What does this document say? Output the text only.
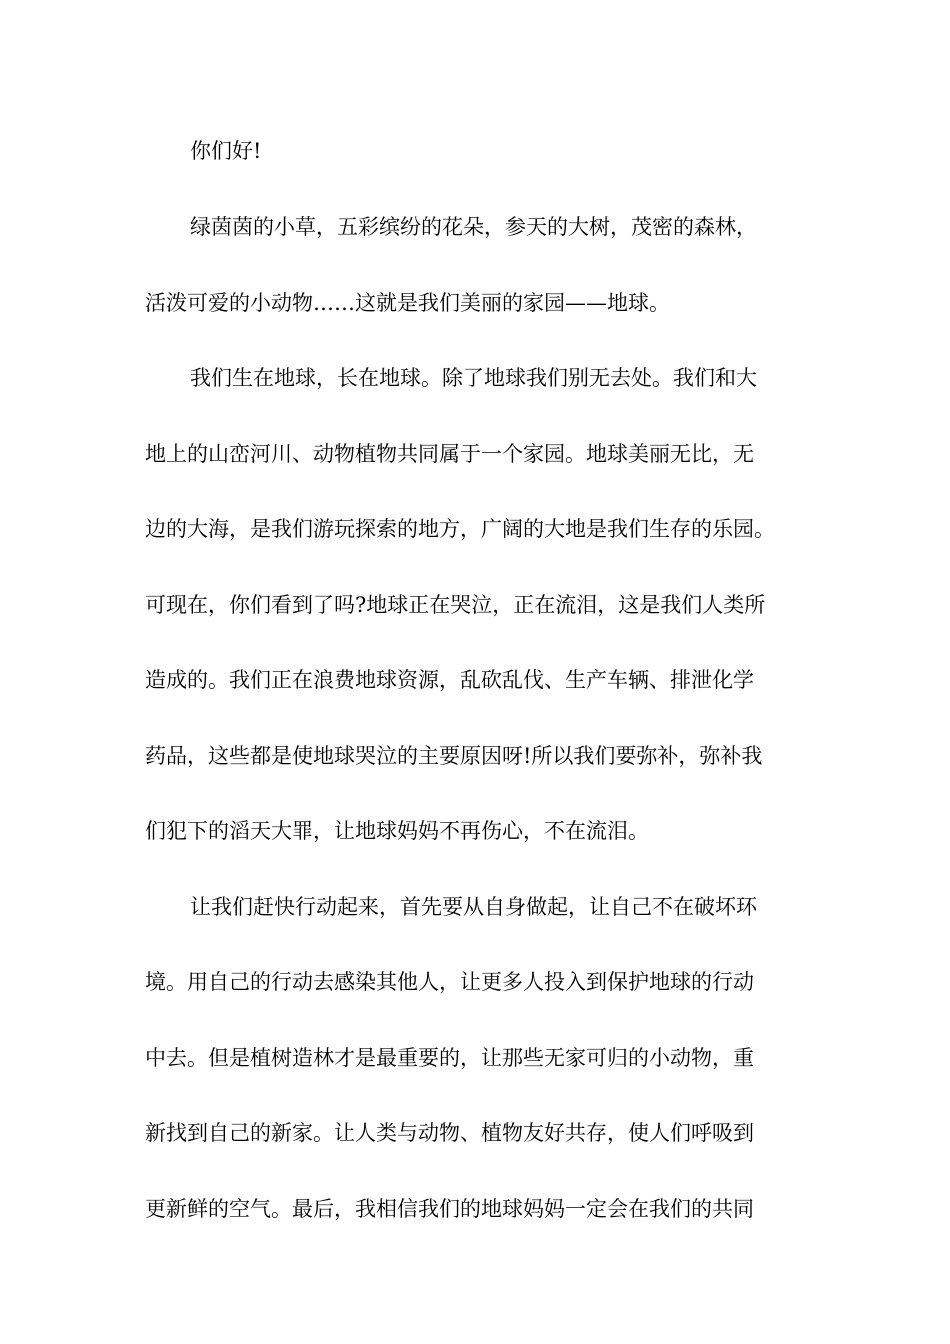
你们好!
绿茵茵的小草，五彩缤纷的花朵，参天的大树，茂密的森林，
活泼可爱的小动物……这就是我们美丽的家园——地球。
我们生在地球，长在地球。除了地球我们别无去处。我们和大
地上的山峦河川、动物植物共同属于一个家园。地球美丽无比，无
边的大海，是我们游玩探索的地方，广阔的大地是我们生存的乐园。
可现在，你们看到了吗?地球正在哭泣，正在流泪，这是我们人类所
造成的。我们正在浪费地球资源，乱砍乱伐、生产车辆、排泄化学
药品，这些都是使地球哭泣的主要原因呀!所以我们要弥补，弥补我
们犯下的滔天大罪，让地球妈妈不再伤心，不在流泪。
让我们赶快行动起来，首先要从自身做起，让自己不在破坏环
境。用自己的行动去感染其他人，让更多人投入到保护地球的行动
中去。但是植树造林才是最重要的，让那些无家可归的小动物，重
新找到自己的新家。让人类与动物、植物友好共存，使人们呼吸到
更新鲜的空气。最后，我相信我们的地球妈妈一定会在我们的共同
